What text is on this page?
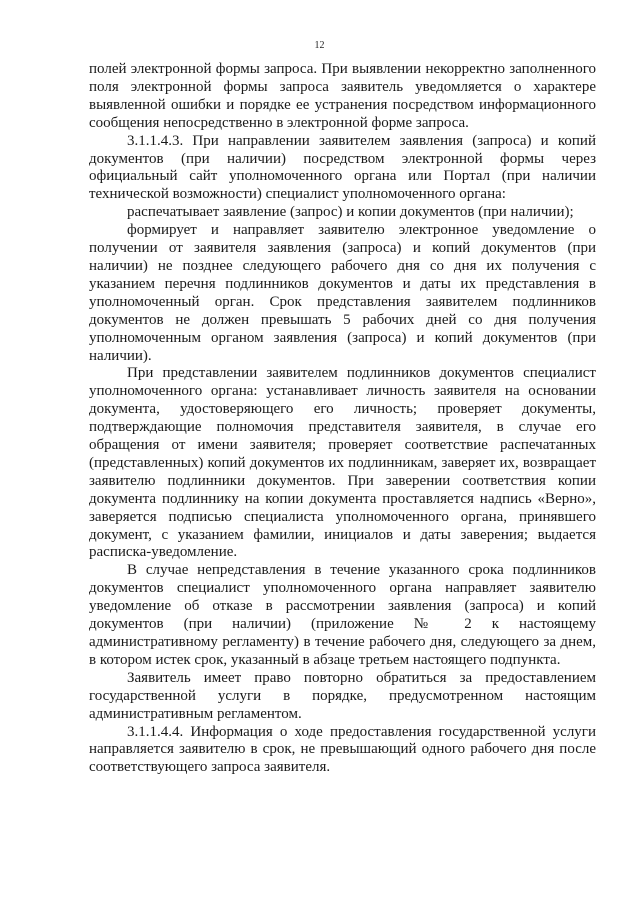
12

полей электронной формы запроса. При выявлении некорректно заполненного поля электронной формы запроса заявитель уведомляется о характере выявленной ошибки и порядке ее устранения посредством информационного сообщения непосредственно в электронной форме запроса.

3.1.1.4.3. При направлении заявителем заявления (запроса) и копий документов (при наличии) посредством электронной формы через официальный сайт уполномоченного органа или Портал (при наличии технической возможности) специалист уполномоченного органа:

распечатывает заявление (запрос) и копии документов (при наличии);

формирует и направляет заявителю электронное уведомление о получении от заявителя заявления (запроса) и копий документов (при наличии) не позднее следующего рабочего дня со дня их получения с указанием перечня подлинников документов и даты их представления в уполномоченный орган. Срок представления заявителем подлинников документов не должен превышать 5 рабочих дней со дня получения уполномоченным органом заявления (запроса) и копий документов (при наличии).

При представлении заявителем подлинников документов специалист уполномоченного органа: устанавливает личность заявителя на основании документа, удостоверяющего его личность; проверяет документы, подтверждающие полномочия представителя заявителя, в случае его обращения от имени заявителя; проверяет соответствие распечатанных (представленных) копий документов их подлинникам, заверяет их, возвращает заявителю подлинники документов. При заверении соответствия копии документа подлиннику на копии документа проставляется надпись «Верно», заверяется подписью специалиста уполномоченного органа, принявшего документ, с указанием фамилии, инициалов и даты заверения; выдается расписка-уведомление.

В случае непредставления в течение указанного срока подлинников документов специалист уполномоченного органа направляет заявителю уведомление об отказе в рассмотрении заявления (запроса) и копий документов (при наличии) (приложение № 2 к настоящему административному регламенту) в течение рабочего дня, следующего за днем, в котором истек срок, указанный в абзаце третьем настоящего подпункта.

Заявитель имеет право повторно обратиться за предоставлением государственной услуги в порядке, предусмотренном настоящим административным регламентом.

3.1.1.4.4. Информация о ходе предоставления государственной услуги направляется заявителю в срок, не превышающий одного рабочего дня после соответствующего запроса заявителя.
